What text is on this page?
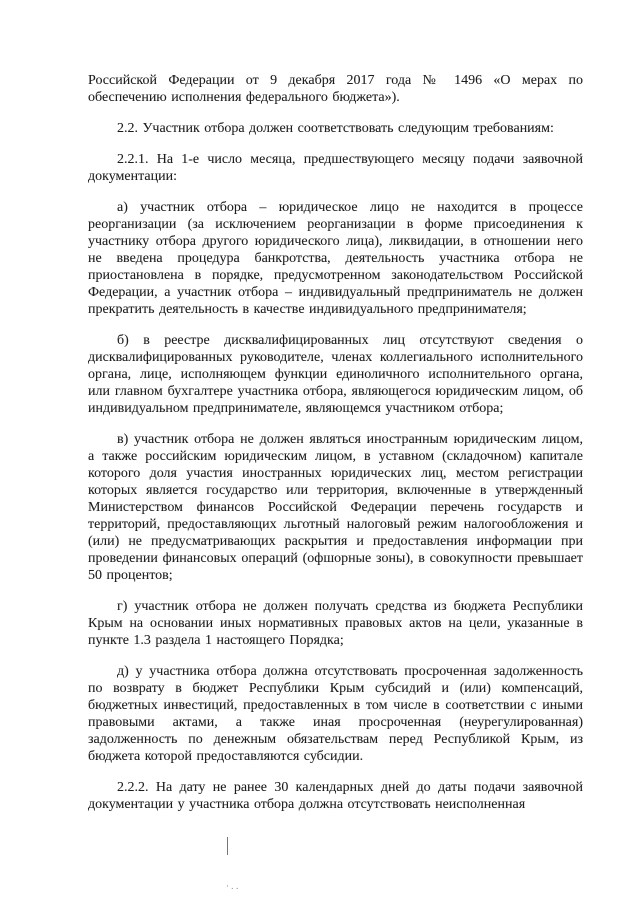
Российской Федерации от 9 декабря 2017 года № 1496 «О мерах по обеспечению исполнения федерального бюджета»).

2.2. Участник отбора должен соответствовать следующим требованиям:

2.2.1. На 1-е число месяца, предшествующего месяцу подачи заявочной документации:

а) участник отбора – юридическое лицо не находится в процессе реорганизации (за исключением реорганизации в форме присоединения к участнику отбора другого юридического лица), ликвидации, в отношении него не введена процедура банкротства, деятельность участника отбора не приостановлена в порядке, предусмотренном законодательством Российской Федерации, а участник отбора – индивидуальный предприниматель не должен прекратить деятельность в качестве индивидуального предпринимателя;

б) в реестре дисквалифицированных лиц отсутствуют сведения о дисквалифицированных руководителе, членах коллегиального исполнительного органа, лице, исполняющем функции единоличного исполнительного органа, или главном бухгалтере участника отбора, являющегося юридическим лицом, об индивидуальном предпринимателе, являющемся участником отбора;

в) участник отбора не должен являться иностранным юридическим лицом, а также российским юридическим лицом, в уставном (складочном) капитале которого доля участия иностранных юридических лиц, местом регистрации которых является государство или территория, включенные в утвержденный Министерством финансов Российской Федерации перечень государств и территорий, предоставляющих льготный налоговый режим налогообложения и (или) не предусматривающих раскрытия и предоставления информации при проведении финансовых операций (офшорные зоны), в совокупности превышает 50 процентов;

г) участник отбора не должен получать средства из бюджета Республики Крым на основании иных нормативных правовых актов на цели, указанные в пункте 1.3 раздела 1 настоящего Порядка;

д) у участника отбора должна отсутствовать просроченная задолженность по возврату в бюджет Республики Крым субсидий и (или) компенсаций, бюджетных инвестиций, предоставленных в том числе в соответствии с иными правовыми актами, а также иная просроченная (неурегулированная) задолженность по денежным обязательствам перед Республикой Крым, из бюджета которой предоставляются субсидии.

2.2.2. На дату не ранее 30 календарных дней до даты подачи заявочной документации у участника отбора должна отсутствовать неисполненная

·..
